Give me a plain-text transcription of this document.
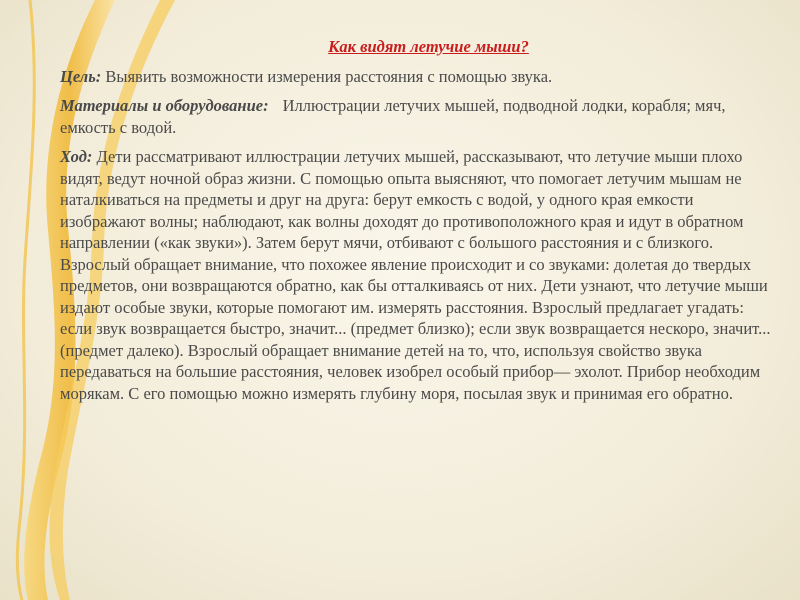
Как видят летучие мыши?

Цель: Выявить возможности измерения расстояния с помощью звука.

Материалы и оборудование: Иллюстрации летучих мышей, подводной лодки, корабля; мяч, емкость с водой.

Ход: Дети рассматривают иллюстрации летучих мышей, рассказывают, что летучие мыши плохо видят, ведут ночной образ жизни. С помощью опыта выясняют, что помогает летучим мышам не наталкиваться на предметы и друг на друга: берут емкость с водой, у одного края емкости изображают волны; наблюдают, как волны доходят до противоположного края и идут в обратном направлении («как звуки»). Затем берут мячи, отбивают с большого расстояния и с близкого. Взрослый обращает внимание, что похожее явление происходит и со звуками: долетая до твердых предметов, они возвращаются обратно, как бы отталкиваясь от них. Дети узнают, что летучие мыши издают особые звуки, которые помогают им. измерять расстояния. Взрослый предлагает угадать: если звук возвращается быстро, значит... (предмет близко); если звук возвращается нескоро, значит... (предмет далеко). Взрослый обращает внимание детей на то, что, используя свойство звука передаваться на большие расстояния, человек изобрел особый прибор— эхолот. Прибор необходим морякам. С его помощью можно измерять глубину моря, посылая звук и принимая его обратно.
